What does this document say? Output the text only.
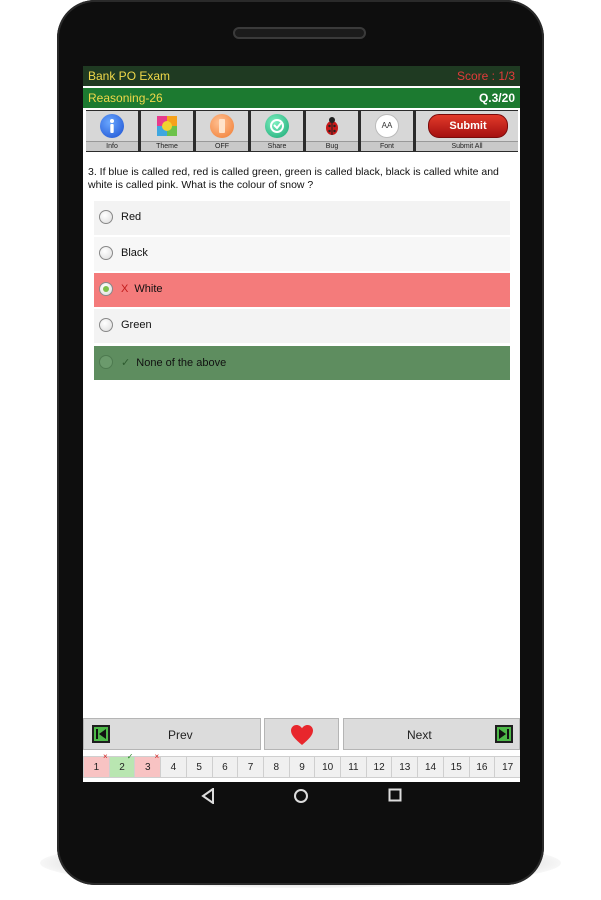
Bank PO Exam	Score : 1/3
Reasoning-26	Q.3/20
Info	Theme	OFF	Share	Bug
AA
Font
Submit
Submit All
3. If blue is called red, red is called green, green is called black, black is called white and white is called pink. What is the colour of snow ?
Red
Black
X White
Green
✓ None of the above
Prev	Next
1
×
2
✓
3
×
4	5	6	7	8	9	10	11	12	13	14	15	16	17
